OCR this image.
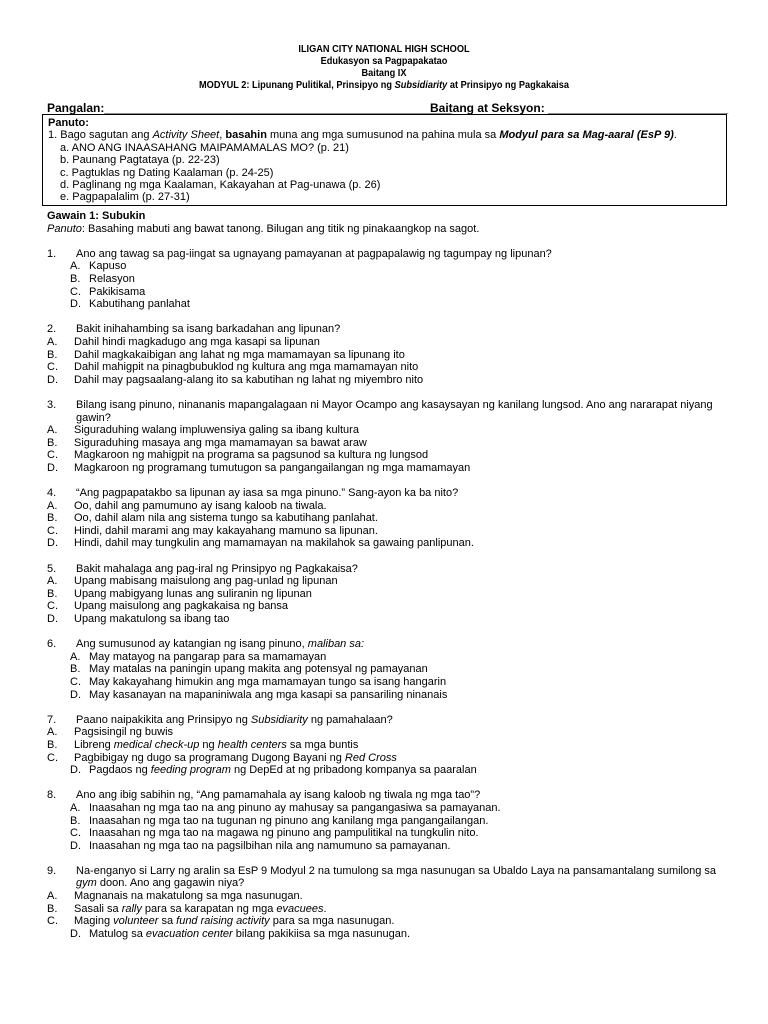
ILIGAN CITY NATIONAL HIGH SCHOOL
Edukasyon sa Pagpapakatao
Baitang IX
MODYUL 2: Lipunang Pulitikal, Prinsipyo ng Subsidiarity at Prinsipyo ng Pagkakaisa
Pangalan:____________________________________________________
Baitang at Seksyon: ___________________________
Panuto:
1. Bago sagutan ang Activity Sheet, basahin muna ang mga sumusunod na pahina mula sa Modyul para sa Mag-aaral (EsP 9).
a. ANO ANG INAASAHANG MAIPAMAMALAS MO? (p. 21)
b. Paunang Pagtataya (p. 22-23)
c. Pagtuklas ng Dating Kaalaman (p. 24-25)
d. Paglinang ng mga Kaalaman, Kakayahan at Pag-unawa (p. 26)
e. Pagpapalalim (p. 27-31)
Gawain 1: Subukin
Panuto: Basahing mabuti ang bawat tanong. Bilugan ang titik ng pinakaangkop na sagot.
1.	Ano ang tawag sa pag-iingat sa ugnayang pamayanan at pagpapalawig ng tagumpay ng lipunan?
A. Kapuso
B. Relasyon
C. Pakikisama
D. Kabutihang panlahat
2.	Bakit inihahambing sa isang barkadahan ang lipunan?
A.	Dahil hindi magkadugo ang mga kasapi sa lipunan
B.	Dahil magkakaibigan ang lahat ng mga mamamayan sa lipunang ito
C.	Dahil mahigpit na pinagbubuklod ng kultura ang mga mamamayan nito
D.	Dahil may pagsaalang-alang ito sa kabutihan ng lahat ng miyembro nito
3.	Bilang isang pinuno, ninananis mapangalagaan ni Mayor Ocampo ang kasaysayan ng kanilang lungsod. Ano ang nararapat niyang gawin?
A.	Siguraduhing walang impluwensiya galing sa ibang kultura
B.	Siguraduhing masaya ang mga mamamayan sa bawat araw
C.	Magkaroon ng mahigpit na programa sa pagsunod sa kultura ng lungsod
D.	Magkaroon ng programang tumutugon sa pangangailangan ng mga mamamayan
4.	“Ang pagpapatakbo sa lipunan ay iasa sa mga pinuno.” Sang-ayon ka ba nito?
A.	Oo, dahil ang pamumuno ay isang kaloob na tiwala.
B.	Oo, dahil alam nila ang sistema tungo sa kabutihang panlahat.
C.	Hindi, dahil marami ang may kakayahang mamuno sa lipunan.
D.	Hindi, dahil may tungkulin ang mamamayan na makilahok sa gawaing panlipunan.
5.	Bakit mahalaga ang pag-iral ng Prinsipyo ng Pagkakaisa?
A.	Upang mabisang maisulong ang pag-unlad ng lipunan
B.	Upang mabigyang lunas ang suliranin ng lipunan
C.	Upang maisulong ang pagkakaisa ng bansa
D.	Upang makatulong sa ibang tao
6.	Ang sumusunod ay katangian ng isang pinuno, maliban sa:
A. May matayog na pangarap para sa mamamayan
B. May matalas na paningin upang makita ang potensyal ng pamayanan
C. May kakayahang himukin ang mga mamamayan tungo sa isang hangarin
D. May kasanayan na mapaniniwala ang mga kasapi sa pansariling ninanais
7.	Paano naipakikita ang Prinsipyo ng Subsidiarity ng pamahalaan?
A.	Pagsisingil ng buwis
B.	Libreng medical check-up ng health centers sa mga buntis
C.	Pagbibigay ng dugo sa programang Dugong Bayani ng Red Cross
D. Pagdaos ng feeding program ng DepEd at ng pribadong kompanya sa paaralan
8.	Ano ang ibig sabihin ng, “Ang pamamahala ay isang kaloob ng tiwala ng mga tao”?
A. Inaasahan ng mga tao na ang pinuno ay mahusay sa pangangasiwa sa pamayanan.
B. Inaasahan ng mga tao na tugunan ng pinuno ang kanilang mga pangangailangan.
C. Inaasahan ng mga tao na magawa ng pinuno ang pampulitikal na tungkulin nito.
D. Inaasahan ng mga tao na pagsilbihan nila ang namumuno sa pamayanan.
9.	Na-enganyo si Larry ng aralin sa EsP 9 Modyul 2 na tumulong sa mga nasunugan sa Ubaldo Laya na pansamantalang sumilong sa gym doon. Ano ang gagawin niya?
A.	Magnanais na makatulong sa mga nasunugan.
B.	Sasali sa rally para sa karapatan ng mga evacuees.
C.	Maging volunteer sa fund raising activity para sa mga nasunugan.
D. Matulog sa evacuation center bilang pakikiisa sa mga nasunugan.
